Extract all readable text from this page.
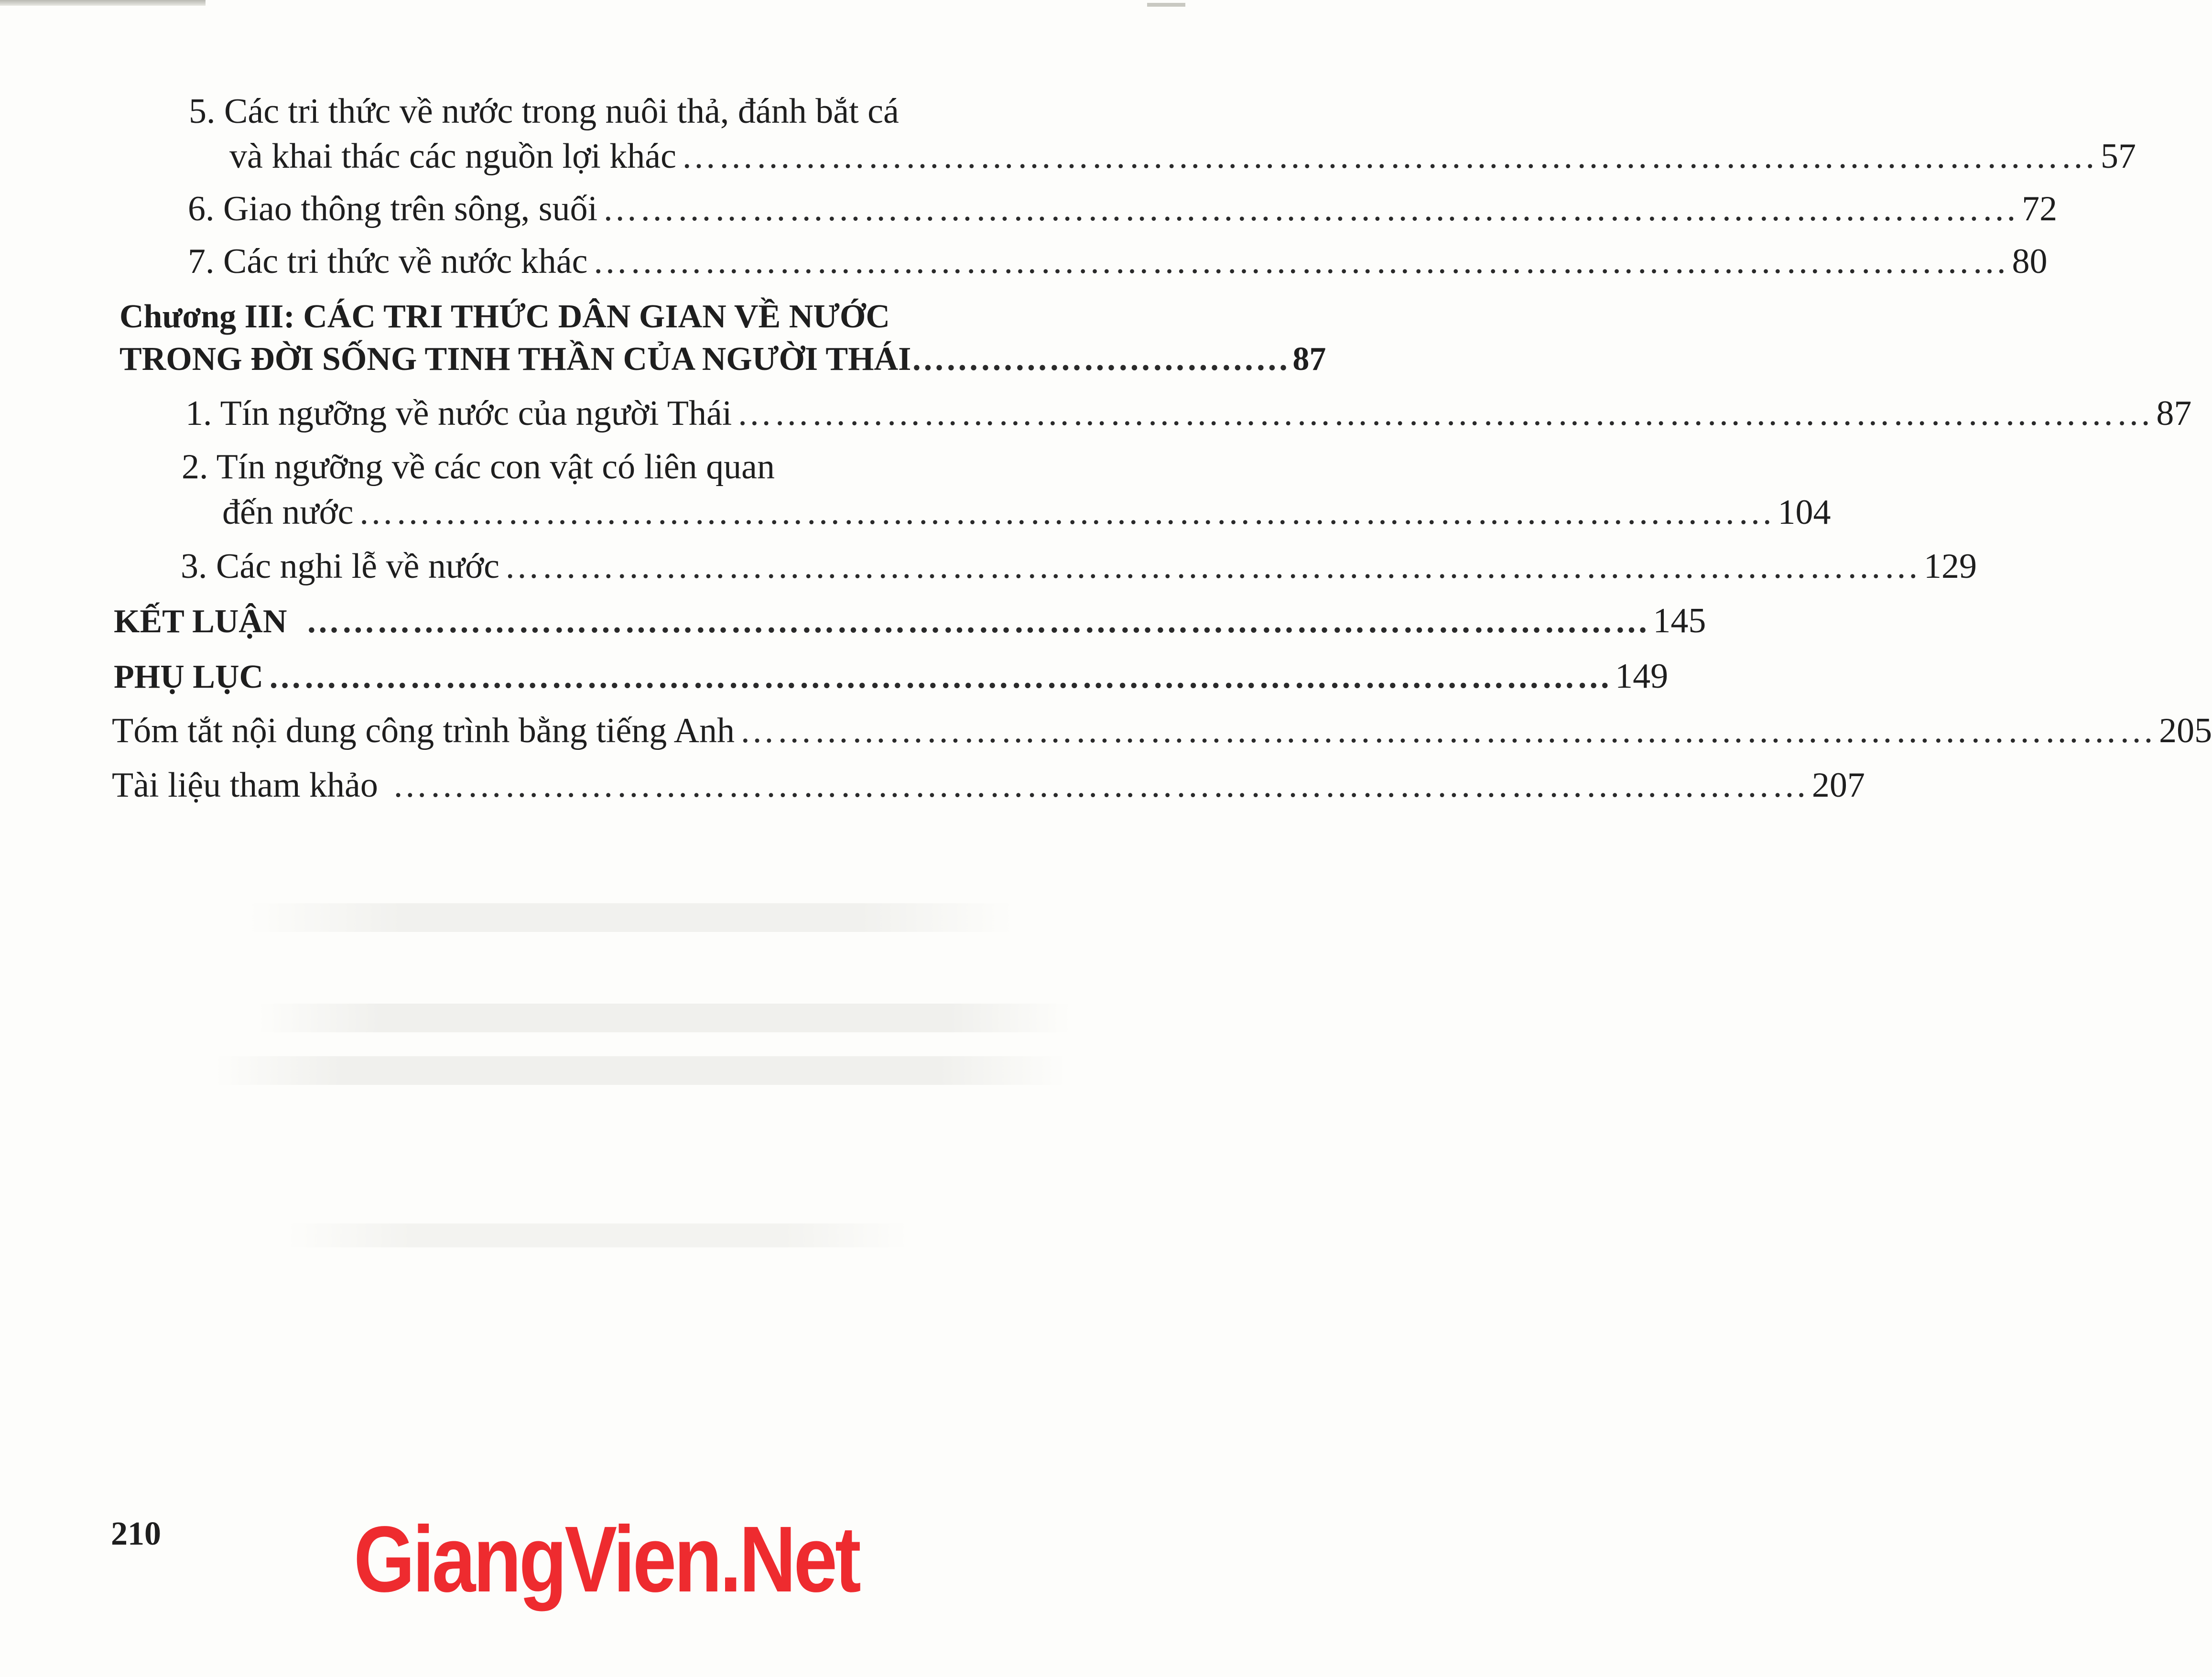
5. Các tri thức về nước trong nuôi thả, đánh bắt cá
và khai thác các nguồn lợi khác …………………………………………………………………………………………………… 57
6. Giao thông trên sông, suối …………………………………………………………………………………………………… 72
7. Các tri thức về nước khác …………………………………………………………………………………………………… 80
Chương III: CÁC TRI THỨC DÂN GIAN VỀ NƯỚC
TRONG ĐỜI SỐNG TINH THẦN CỦA NGƯỜI THÁI …………………………… 87
1. Tín ngưỡng về nước của người Thái …………………………………………………………………………………………………… 87
2. Tín ngưỡng về các con vật có liên quan
đến nước …………………………………………………………………………………………………… 104
3. Các nghi lễ về nước …………………………………………………………………………………………………… 129
KẾT LUẬN …………………………………………………………………………………………………… 145
PHỤ LỤC …………………………………………………………………………………………………… 149
Tóm tắt nội dung công trình bằng tiếng Anh …………………………………………………………………………………………………… 205
Tài liệu tham khảo …………………………………………………………………………………………………… 207
210 GiangVien.Net
